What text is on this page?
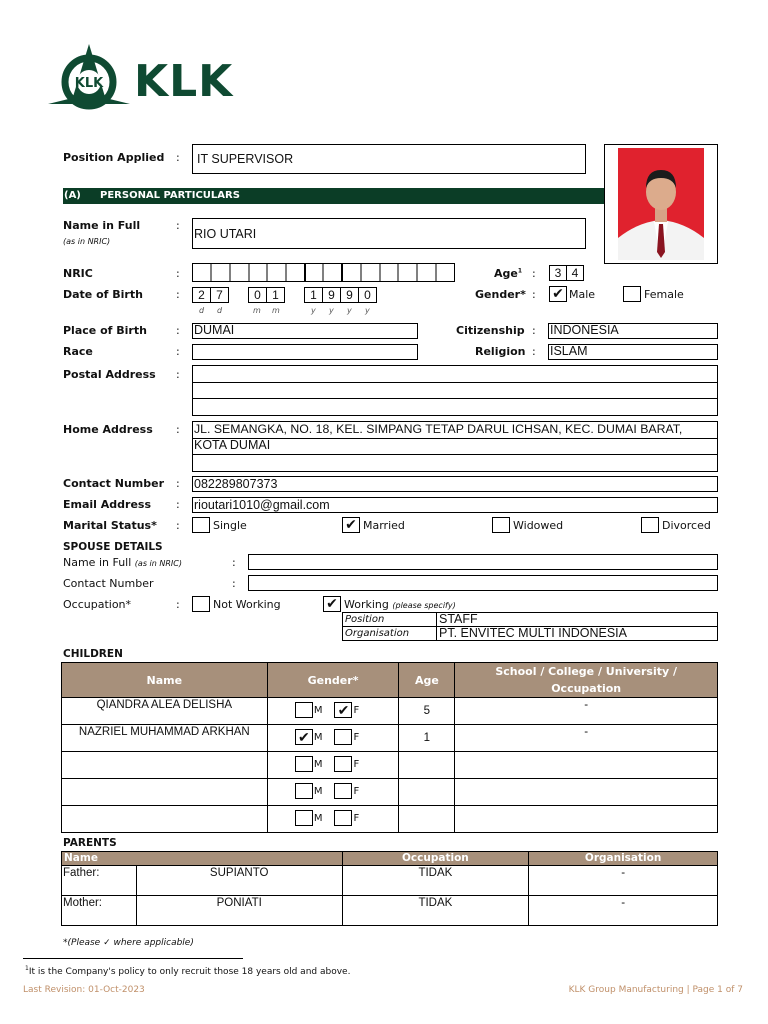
KLK KLK
Position Applied : IT SUPERVISOR
(A) PERSONAL PARTICULARS
Name in Full
(as in NRIC)
:
RIO UTARI
NRIC	:	Age$^1$ :	3 4
Date of Birth	:	2 7	0 1	1 9 9 0
d d	m m	y y y y
Gender* : ✔ Male	Female
Place of Birth	: DUMAI	Citizenship : INDONESIA
Race	:	Religion : ISLAM
Postal Address :
Home Address : JL. SEMANGKA, NO. 18, KEL. SIMPANG TETAP DARUL ICHSAN, KEC. DUMAI BARAT,
KOTA DUMAI
Contact Number : 082289807373
Email Address : rioutari1010@gmail.com
Marital Status* :	Single	✔ Married	Widowed	Divorced
SPOUSE DETAILS
Name in Full (as in NRIC)	:
Contact Number	:
Occupation*	:	Not Working	✔ Working (please specify)
Position	STAFF
Organisation PT. ENVITEC MULTI INDONESIA
CHILDREN
Name	Gender*	Age	School / College / University / Occupation
QIANDRA ALEA DELISHA	M ✔ F	5	-
NAZRIEL MUHAMMAD ARKHAN	✔ M F	1	-
	M F		
	M F		
	M F		
PARENTS
Name		Occupation	Organisation
Father:	SUPIANTO	TIDAK	-
Mother:	PONIATI	TIDAK	-
*(Please ✓ where applicable)
$^1$It is the Company's policy to only recruit those 18 years old and above.
Last Revision: 01-Oct-2023	KLK Group Manufacturing | Page 1 of 7
